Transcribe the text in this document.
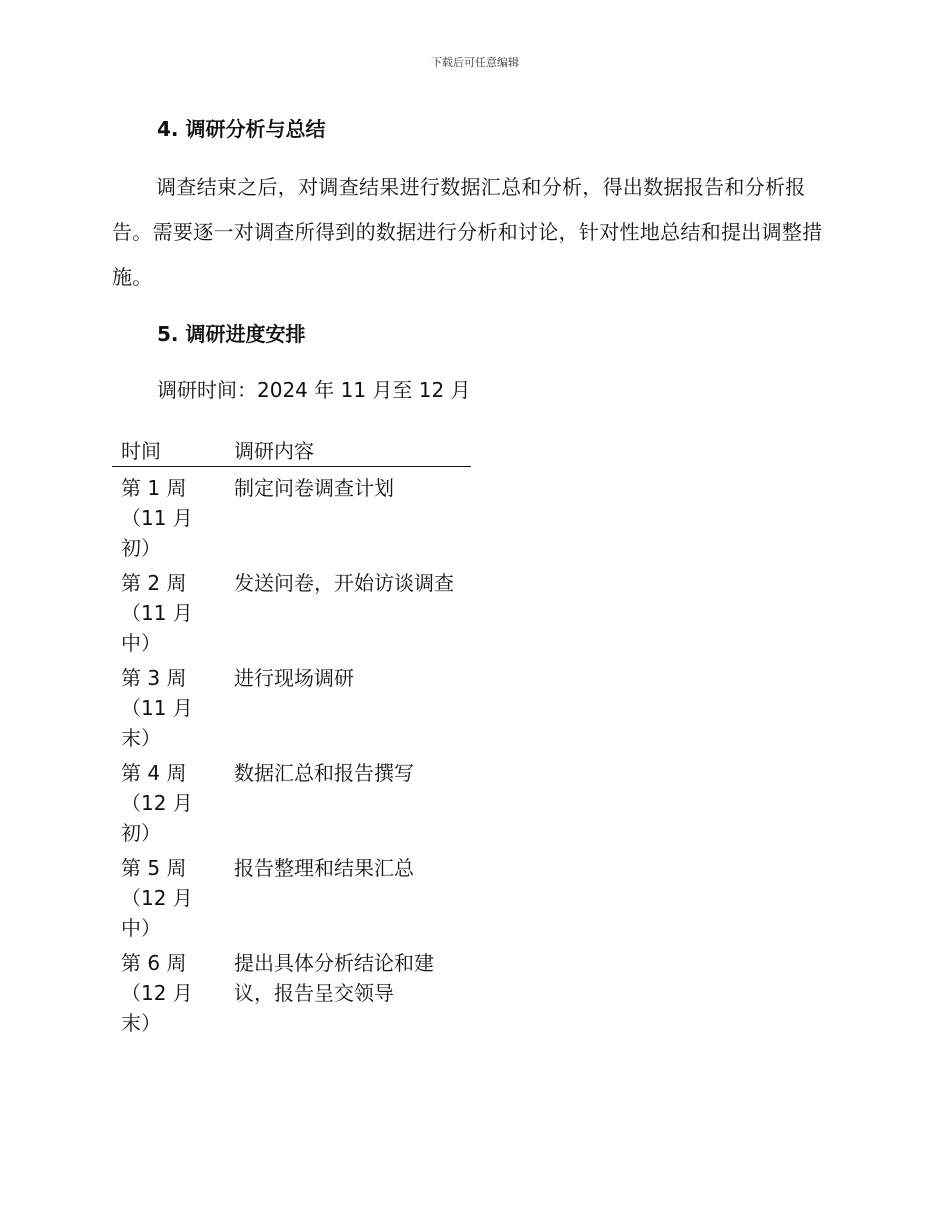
下载后可任意编辑
4. 调研分析与总结
调查结束之后，对调查结果进行数据汇总和分析，得出数据报告和分析报告。需要逐一对调查所得到的数据进行分析和讨论，针对性地总结和提出调整措施。
5. 调研进度安排
调研时间：2024 年 11 月至 12 月
时间	调研内容
第 1 周
（11 月初）
制定问卷调查计划
第 2 周
（11 月中）
发送问卷，开始访谈调查
第 3 周
（11 月末）
进行现场调研
第 4 周
（12 月初）
数据汇总和报告撰写
第 5 周
（12 月中）
报告整理和结果汇总
第 6 周
（12 月末）
提出具体分析结论和建议，报告呈交领导
